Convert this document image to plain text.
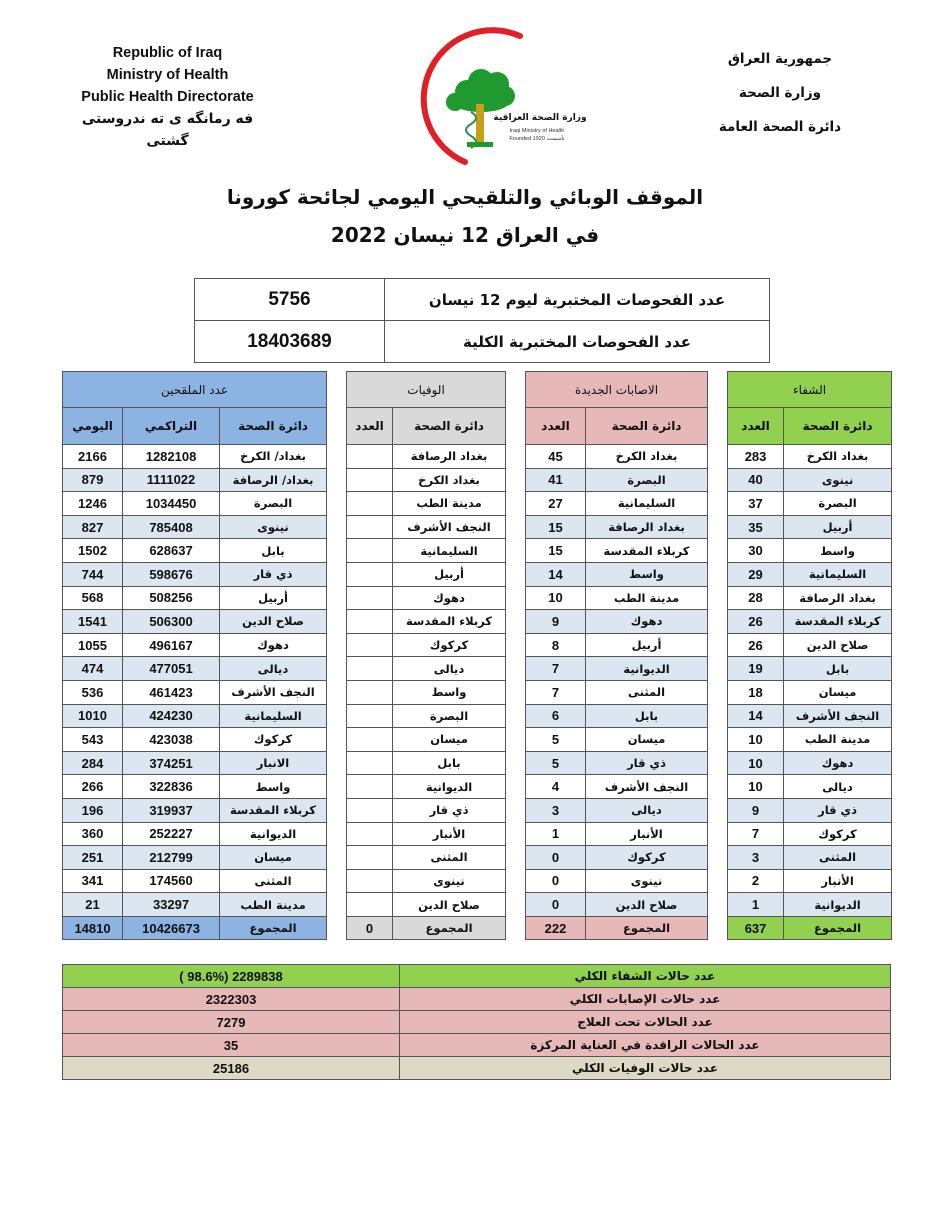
Republic of Iraq
Ministry of Health
Public Health Directorate
فه رمانگه ی ته ندروستی گشتی
وزارة الصحة العراقية
Iraqi Ministry of Health
Founded 1920 تأسست
جمهورية العراق
وزارة الصحة
دائرة الصحة العامة
الموقف الوبائي والتلقيحي اليومي لجائحة كورونا
في العراق 12 نيسان 2022
عدد الفحوصات المختبرية ليوم 12 نيسان	5756
عدد الفحوصات المختبرية الكلية	18403689
الشفاء			الاصابات الجديدة			الوفيات			عدد الملقحين		
دائرة الصحة	العدد		دائرة الصحة	العدد		دائرة الصحة	العدد		دائرة الصحة	التراكمي	اليومي
بغداد الكرخ	283		بغداد الكرخ	45		بغداد الرصافة			بغداد/ الكرخ	1282108	2166
نينوى	40		البصرة	41		بغداد الكرخ			بغداد/ الرصافة	1111022	879
البصرة	37		السليمانية	27		مدينة الطب			البصرة	1034450	1246
أربيل	35		بغداد الرصافة	15		النجف الأشرف			نينوى	785408	827
واسط	30		كربلاء المقدسة	15		السليمانية			بابل	628637	1502
السليمانية	29		واسط	14		أربيل			ذي قار	598676	744
بغداد الرصافة	28		مدينة الطب	10		دهوك			أربيل	508256	568
كربلاء المقدسة	26		دهوك	9		كربلاء المقدسة			صلاح الدين	506300	1541
صلاح الدين	26		أربيل	8		كركوك			دهوك	496167	1055
بابل	19		الديوانية	7		ديالى			ديالى	477051	474
ميسان	18		المثنى	7		واسط			النجف الأشرف	461423	536
النجف الأشرف	14		بابل	6		البصرة			السليمانية	424230	1010
مدينة الطب	10		ميسان	5		ميسان			كركوك	423038	543
دهوك	10		ذي قار	5		بابل			الانبار	374251	284
ديالى	10		النجف الأشرف	4		الديوانية			واسط	322836	266
ذي قار	9		ديالى	3		ذي قار			كربلاء المقدسة	319937	196
كركوك	7		الأنبار	1		الأنبار			الديوانية	252227	360
المثنى	3		كركوك	0		المثنى			ميسان	212799	251
الأنبار	2		نينوى	0		نينوى			المثنى	174560	341
الديوانية	1		صلاح الدين	0		صلاح الدين			مدينة الطب	33297	21
المجموع	637		المجموع	222		المجموع	0		المجموع	10426673	14810
عدد حالات الشفاء الكلي	2289838 (98.6% )
عدد حالات الإصابات الكلي	2322303
عدد الحالات تحت العلاج	7279
عدد الحالات الراقدة في العناية المركزة	35
عدد حالات الوفيات الكلي	25186
